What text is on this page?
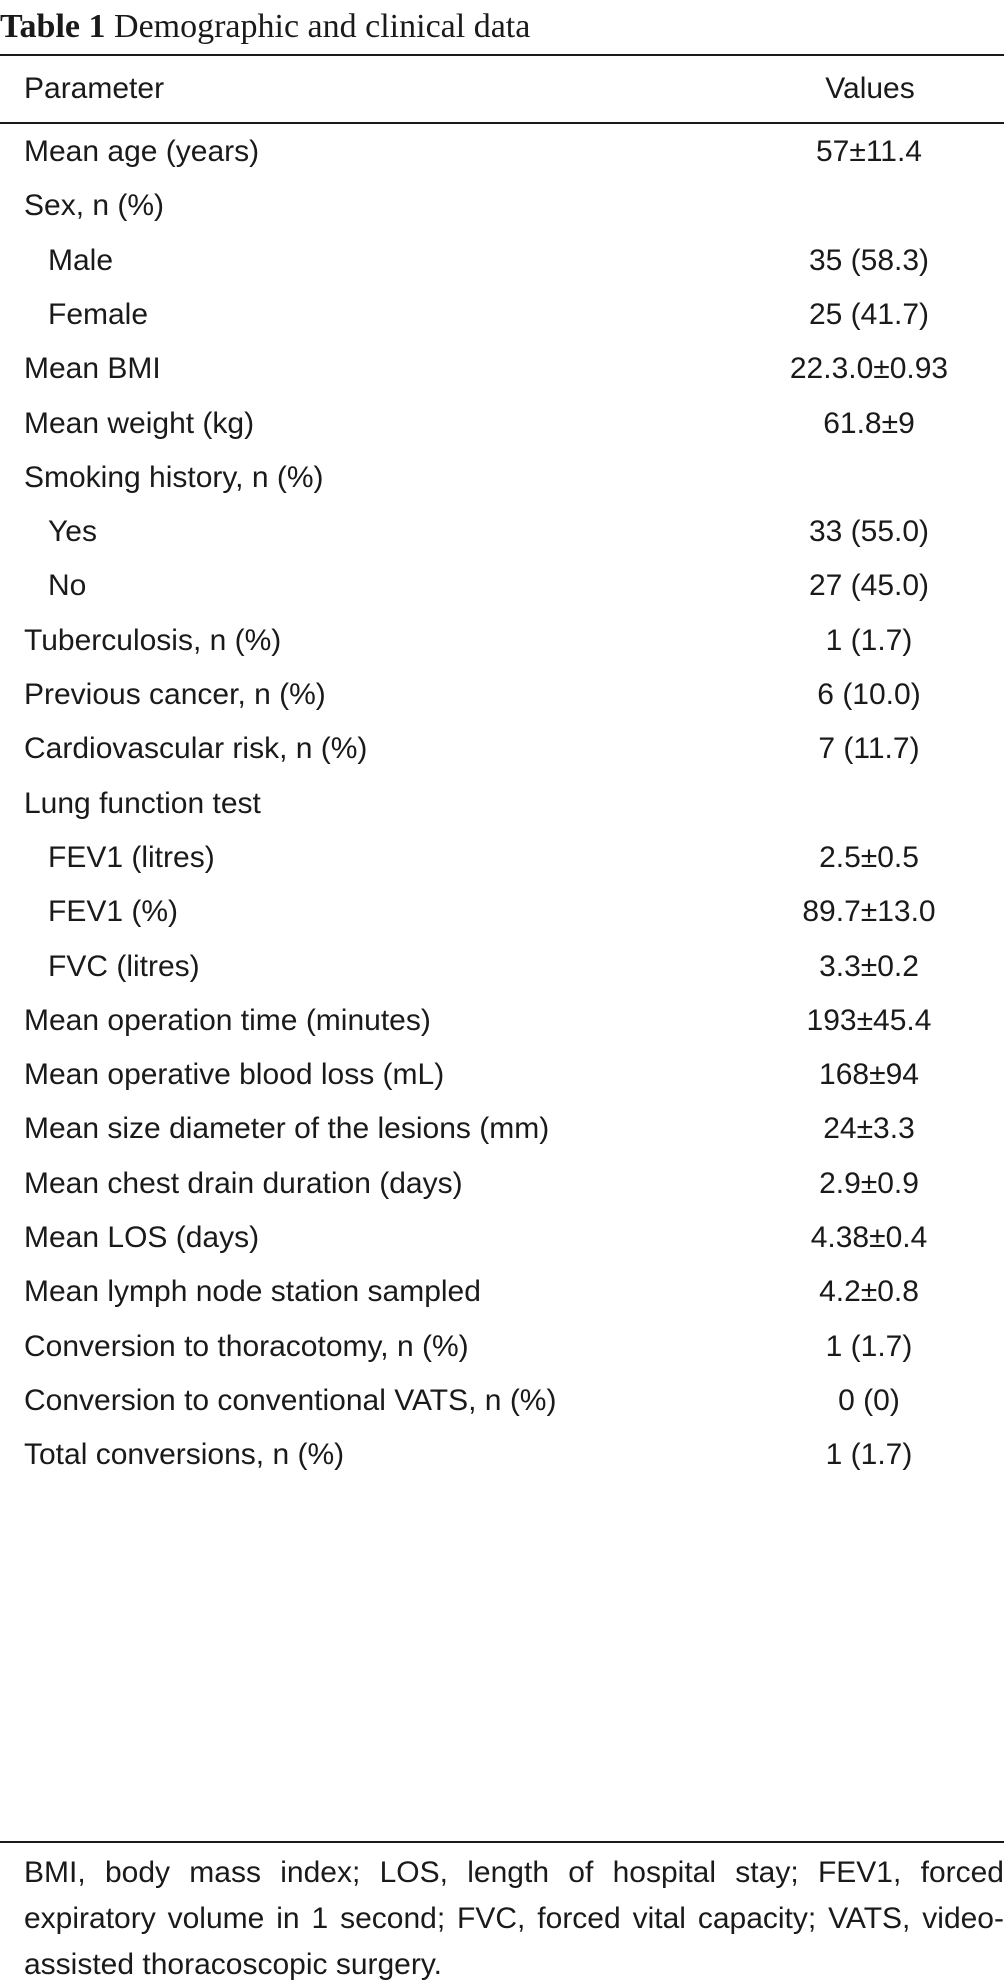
Table 1 Demographic and clinical data
Parameter	Values
Mean age (years)	57±11.4
Sex, n (%)
Male	35 (58.3)
Female	25 (41.7)
Mean BMI	22.3.0±0.93
Mean weight (kg)	61.8±9
Smoking history, n (%)
Yes	33 (55.0)
No	27 (45.0)
Tuberculosis, n (%)	1 (1.7)
Previous cancer, n (%)	6 (10.0)
Cardiovascular risk, n (%)	7 (11.7)
Lung function test
FEV1 (litres)	2.5±0.5
FEV1 (%)	89.7±13.0
FVC (litres)	3.3±0.2
Mean operation time (minutes)	193±45.4
Mean operative blood loss (mL)	168±94
Mean size diameter of the lesions (mm)	24±3.3
Mean chest drain duration (days)	2.9±0.9
Mean LOS (days)	4.38±0.4
Mean lymph node station sampled	4.2±0.8
Conversion to thoracotomy, n (%)	1 (1.7)
Conversion to conventional VATS, n (%)	0 (0)
Total conversions, n (%)	1 (1.7)
BMI, body mass index; LOS, length of hospital stay; FEV1, forced expiratory volume in 1 second; FVC, forced vital capacity; VATS, video-assisted thoracoscopic surgery.
